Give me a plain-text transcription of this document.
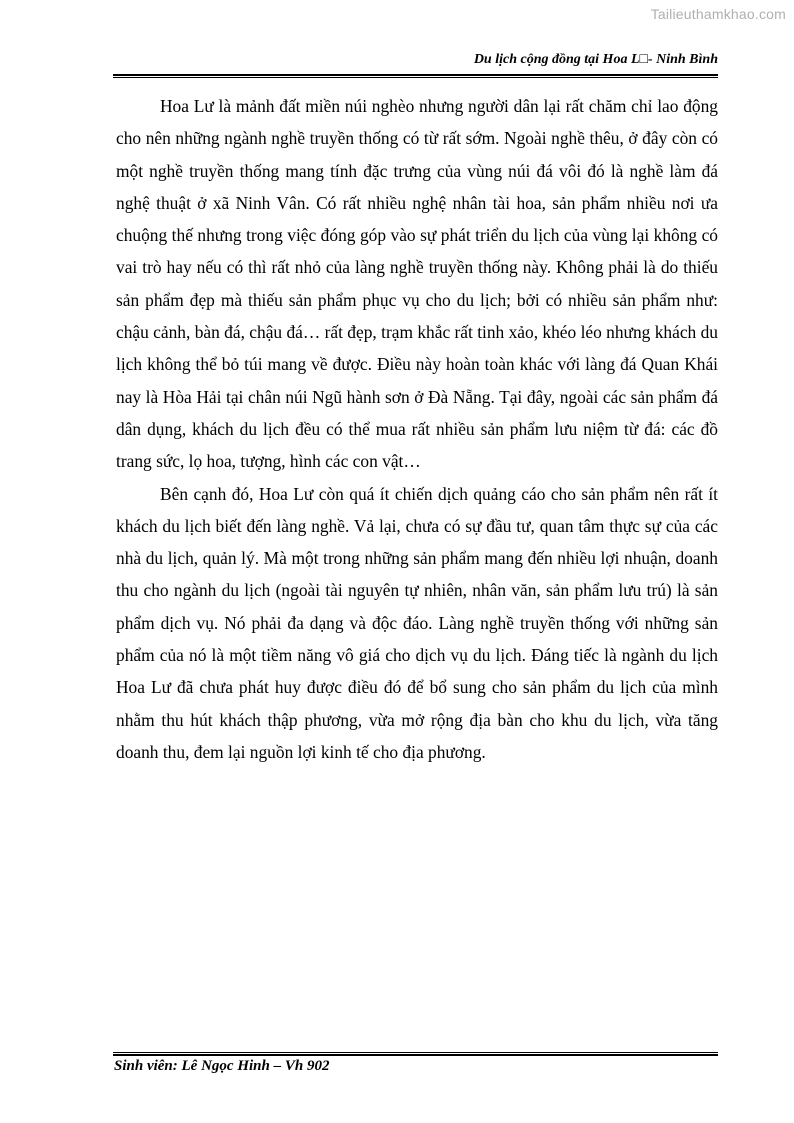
Tailieuthamkhao.com
Du lịch cộng đồng tại Hoa L□- Ninh Bình

Hoa Lư là mảnh đất miền núi nghèo nhưng người dân lại rất chăm chỉ lao động cho nên những ngành nghề truyền thống có từ rất sớm. Ngoài nghề thêu, ở đây còn có một nghề truyền thống mang tính đặc trưng của vùng núi đá vôi đó là nghề làm đá nghệ thuật ở xã Ninh Vân. Có rất nhiều nghệ nhân tài hoa, sản phẩm nhiều nơi ưa chuộng thế nhưng trong việc đóng góp vào sự phát triển du lịch của vùng lại không có vai trò hay nếu có thì rất nhỏ của làng nghề truyền thống này. Không phải là do thiếu sản phẩm đẹp mà thiếu sản phẩm phục vụ cho du lịch; bởi có nhiều sản phẩm như: chậu cảnh, bàn đá, chậu đá… rất đẹp, trạm khắc rất tinh xảo, khéo léo nhưng khách du lịch không thể bỏ túi mang về được. Điều này hoàn toàn khác với làng đá Quan Khái nay là Hòa Hải tại chân núi Ngũ hành sơn ở Đà Nẵng. Tại đây, ngoài các sản phẩm đá dân dụng, khách du lịch đều có thể mua rất nhiều sản phẩm lưu niệm từ đá: các đồ trang sức, lọ hoa, tượng, hình các con vật…

Bên cạnh đó, Hoa Lư còn quá ít chiến dịch quảng cáo cho sản phẩm nên rất ít khách du lịch biết đến làng nghề. Vả lại, chưa có sự đầu tư, quan tâm thực sự của các nhà du lịch, quản lý. Mà một trong những sản phẩm mang đến nhiều lợi nhuận, doanh thu cho ngành du lịch (ngoài tài nguyên tự nhiên, nhân văn, sản phẩm lưu trú) là sản phẩm dịch vụ. Nó phải đa dạng và độc đáo. Làng nghề truyền thống với những sản phẩm của nó là một tiềm năng vô giá cho dịch vụ du lịch. Đáng tiếc là ngành du lịch Hoa Lư đã chưa phát huy được điều đó để bổ sung cho sản phẩm du lịch của mình nhằm thu hút khách thập phương, vừa mở rộng địa bàn cho khu du lịch, vừa tăng doanh thu, đem lại nguồn lợi kinh tế cho địa phương.

Sinh viên: Lê Ngọc Hinh – Vh 902
